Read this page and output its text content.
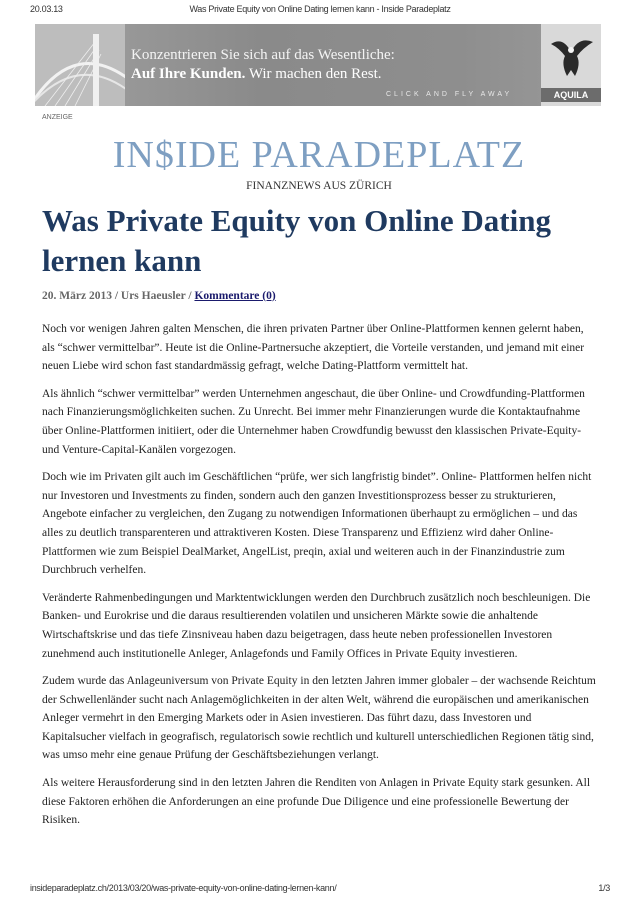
20.03.13	Was Private Equity von Online Dating lernen kann - Inside Paradeplatz
Konzentrieren Sie sich auf das Wesentliche:
Auf Ihre Kunden. Wir machen den Rest.
CLICK AND FLY AWAY	AQUILA
ANZEIGE
IN$IDE PARADEPLATZ
FINANZNEWS AUS ZÜRICH
Was Private Equity von Online Dating lernen kann
20. März 2013 / Urs Haeusler / Kommentare (0)

Noch vor wenigen Jahren galten Menschen, die ihren privaten Partner über Online-Plattformen kennen gelernt haben, als “schwer vermittelbar”. Heute ist die Online-Partnersuche akzeptiert, die Vorteile verstanden, und jemand mit einer neuen Liebe wird schon fast standardmässig gefragt, welche Dating-Plattform vermittelt hat.

Als ähnlich “schwer vermittelbar” werden Unternehmen angeschaut, die über Online- und Crowdfunding-Plattformen nach Finanzierungsmöglichkeiten suchen. Zu Unrecht. Bei immer mehr Finanzierungen wurde die Kontaktaufnahme über Online-Plattformen initiiert, oder die Unternehmer haben Crowdfundig bewusst den klassischen Private-Equity- und Venture-Capital-Kanälen vorgezogen.

Doch wie im Privaten gilt auch im Geschäftlichen “prüfe, wer sich langfristig bindet”. Online- Plattformen helfen nicht nur Investoren und Investments zu finden, sondern auch den ganzen Investitionsprozess besser zu strukturieren, Angebote einfacher zu vergleichen, den Zugang zu notwendigen Informationen überhaupt zu ermöglichen – und das alles zu deutlich transparenteren und attraktiveren Kosten. Diese Transparenz und Effizienz wird daher Online-Plattformen wie zum Beispiel DealMarket, AngelList, preqin, axial und weiteren auch in der Finanzindustrie zum Durchbruch verhelfen.

Veränderte Rahmenbedingungen und Marktentwicklungen werden den Durchbruch zusätzlich noch beschleunigen. Die Banken- und Eurokrise und die daraus resultierenden volatilen und unsicheren Märkte sowie die anhaltende Wirtschaftskrise und das tiefe Zinsniveau haben dazu beigetragen, dass heute neben professionellen Investoren zunehmend auch institutionelle Anleger, Anlagefonds und Family Offices in Private Equity investieren.

Zudem wurde das Anlageuniversum von Private Equity in den letzten Jahren immer globaler – der wachsende Reichtum der Schwellenländer sucht nach Anlagemöglichkeiten in der alten Welt, während die europäischen und amerikanischen Anleger vermehrt in den Emerging Markets oder in Asien investieren. Das führt dazu, dass Investoren und Kapitalsucher vielfach in geografisch, regulatorisch sowie rechtlich und kulturell unterschiedlichen Regionen tätig sind, was umso mehr eine genaue Prüfung der Geschäftsbeziehungen verlangt.

Als weitere Herausforderung sind in den letzten Jahren die Renditen von Anlagen in Private Equity stark gesunken. All diese Faktoren erhöhen die Anforderungen an eine profunde Due Diligence und eine professionelle Bewertung der Risiken.

insideparadeplatz.ch/2013/03/20/was-private-equity-von-online-dating-lernen-kann/	1/3
